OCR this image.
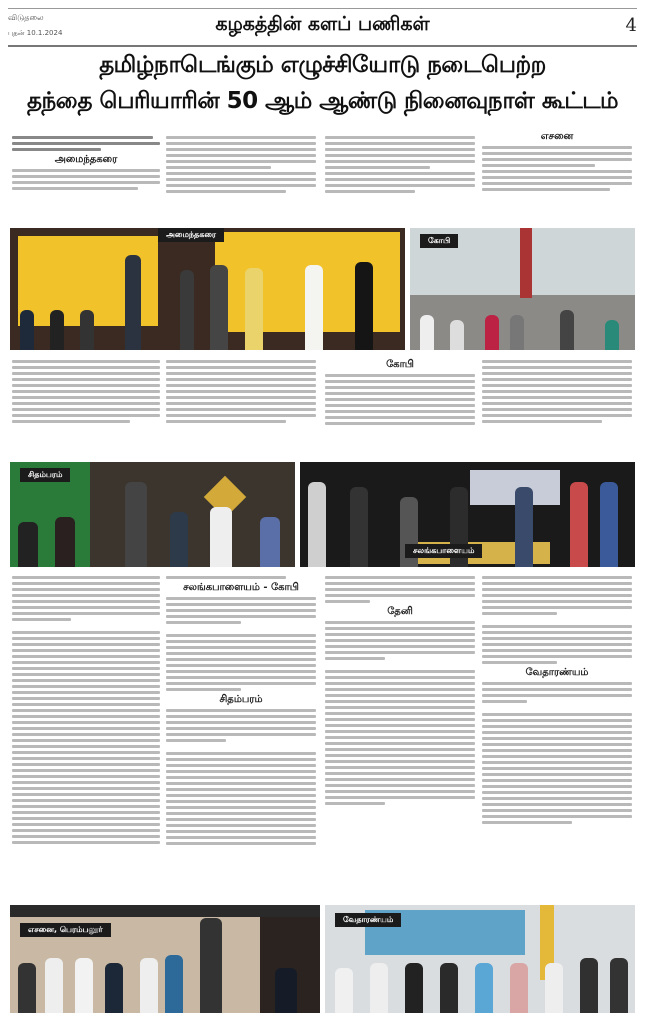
விடுதலை
புதன் 10.1.2024	கழகத்தின் களப் பணிகள்	4
தமிழ்நாடெங்கும் எழுச்சியோடு நடைபெற்ற
தந்தை பெரியாரின் 50 ஆம் ஆண்டு நினைவுநாள் கூட்டம்
அமைந்தகரை
எசனை
அமைந்தகரை
கோபி
கோபி
சிதம்பரம்
சலங்கபாளையம்
சலங்கபாளையம் - கோபி
சிதம்பரம்
தேனி
வேதாரண்யம்
எசனை, பெரம்பலூர்
வேதாரண்யம்
